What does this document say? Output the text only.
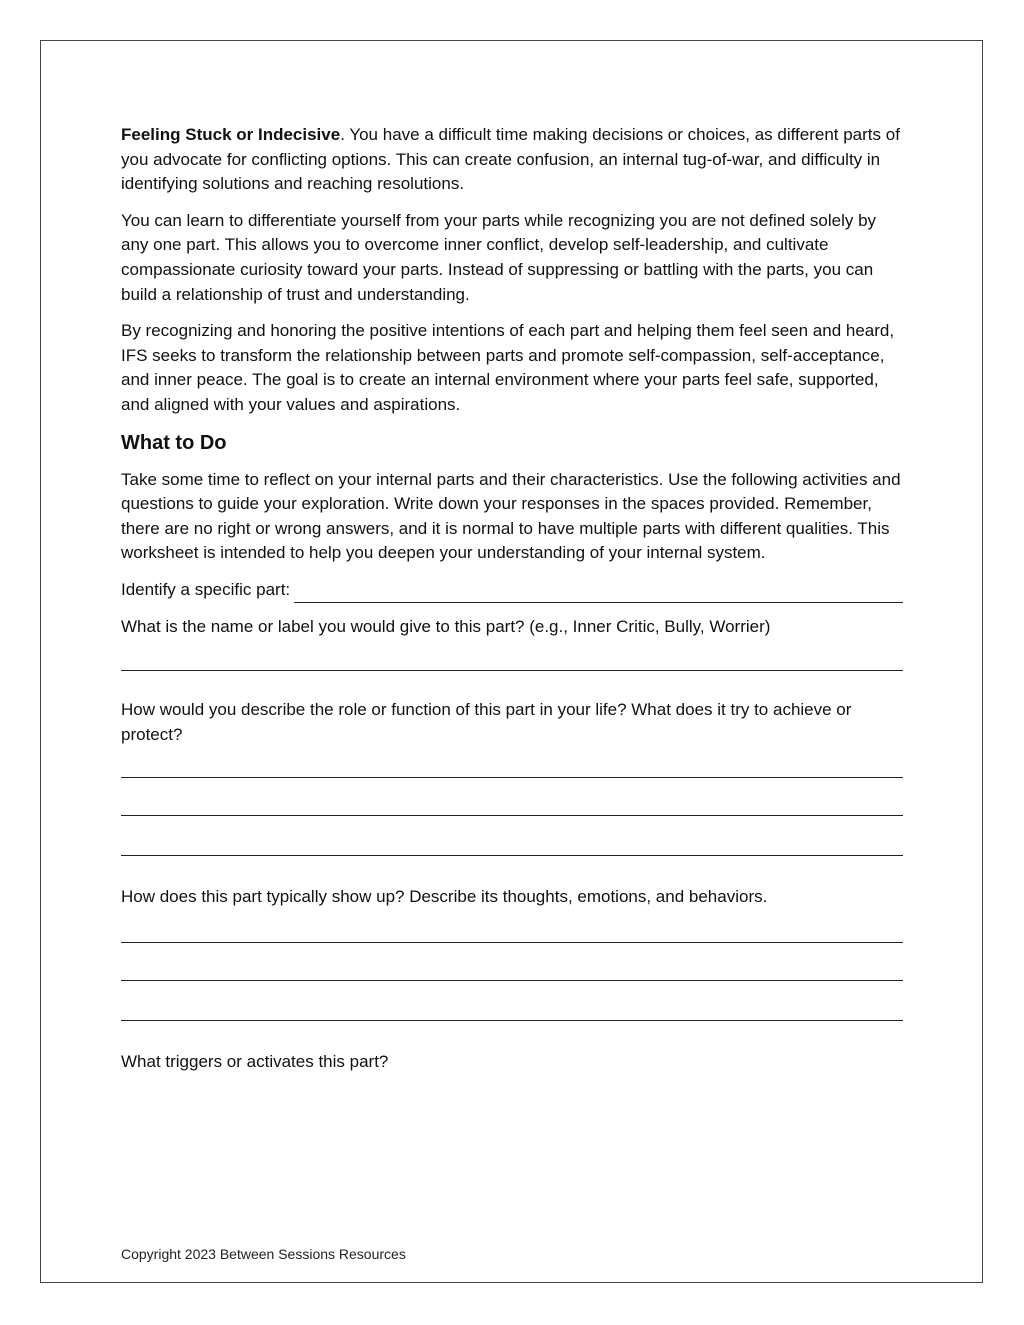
Feeling Stuck or Indecisive. You have a difficult time making decisions or choices, as different parts of you advocate for conflicting options. This can create confusion, an internal tug-of-war, and difficulty in identifying solutions and reaching resolutions.

You can learn to differentiate yourself from your parts while recognizing you are not defined solely by any one part. This allows you to overcome inner conflict, develop self-leadership, and cultivate compassionate curiosity toward your parts. Instead of suppressing or battling with the parts, you can build a relationship of trust and understanding.

By recognizing and honoring the positive intentions of each part and helping them feel seen and heard, IFS seeks to transform the relationship between parts and promote self-compassion, self-acceptance, and inner peace. The goal is to create an internal environment where your parts feel safe, supported, and aligned with your values and aspirations.

What to Do

Take some time to reflect on your internal parts and their characteristics. Use the following activities and questions to guide your exploration. Write down your responses in the spaces provided. Remember, there are no right or wrong answers, and it is normal to have multiple parts with different qualities. This worksheet is intended to help you deepen your understanding of your internal system.

Identify a specific part:

What is the name or label you would give to this part? (e.g., Inner Critic, Bully, Worrier)

How would you describe the role or function of this part in your life? What does it try to achieve or protect?

How does this part typically show up? Describe its thoughts, emotions, and behaviors.

What triggers or activates this part?

Copyright 2023 Between Sessions Resources
